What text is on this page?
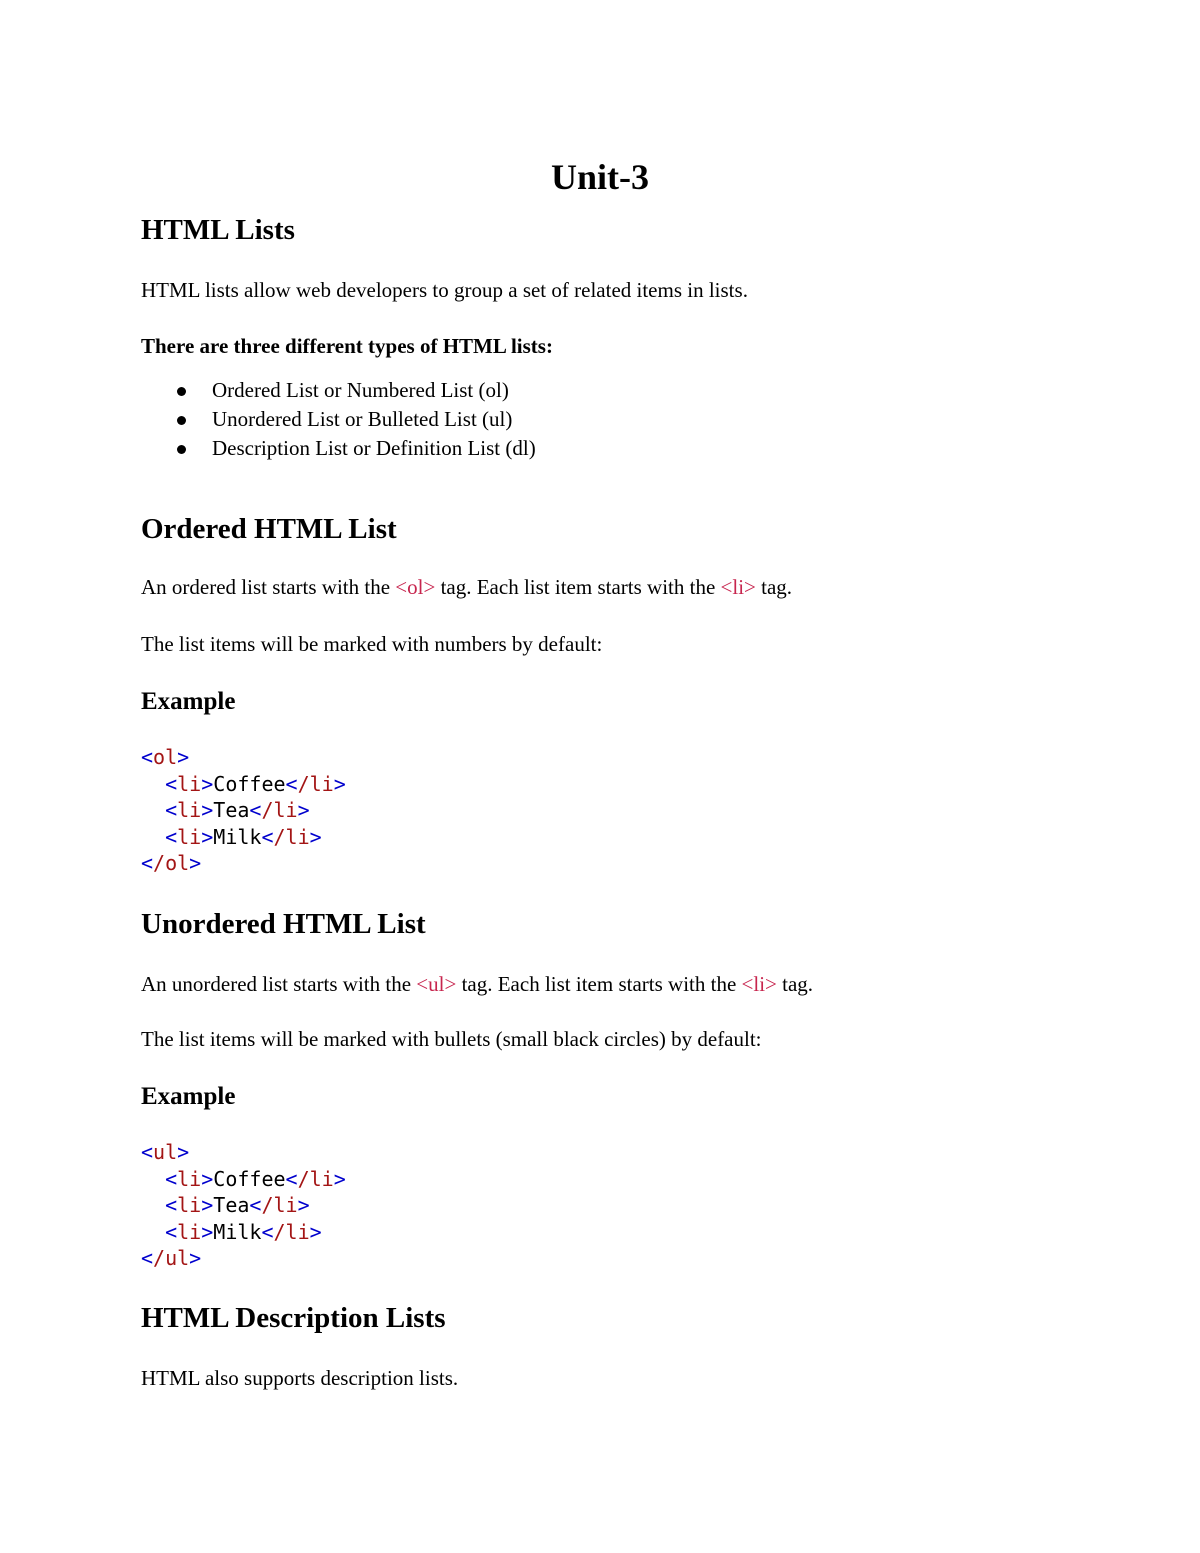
Unit-3
HTML Lists

HTML lists allow web developers to group a set of related items in lists.

There are three different types of HTML lists:

Ordered List or Numbered List (ol)
Unordered List or Bulleted List (ul)
Description List or Definition List (dl)
Ordered HTML List

An ordered list starts with the <ol> tag. Each list item starts with the <li> tag.

The list items will be marked with numbers by default:

Example
<ol>
<li>Coffee</li>
<li>Tea</li>
<li>Milk</li>
</ol>
Unordered HTML List

An unordered list starts with the <ul> tag. Each list item starts with the <li> tag.

The list items will be marked with bullets (small black circles) by default:

Example
<ul>
<li>Coffee</li>
<li>Tea</li>
<li>Milk</li>
</ul>
HTML Description Lists

HTML also supports description lists.
